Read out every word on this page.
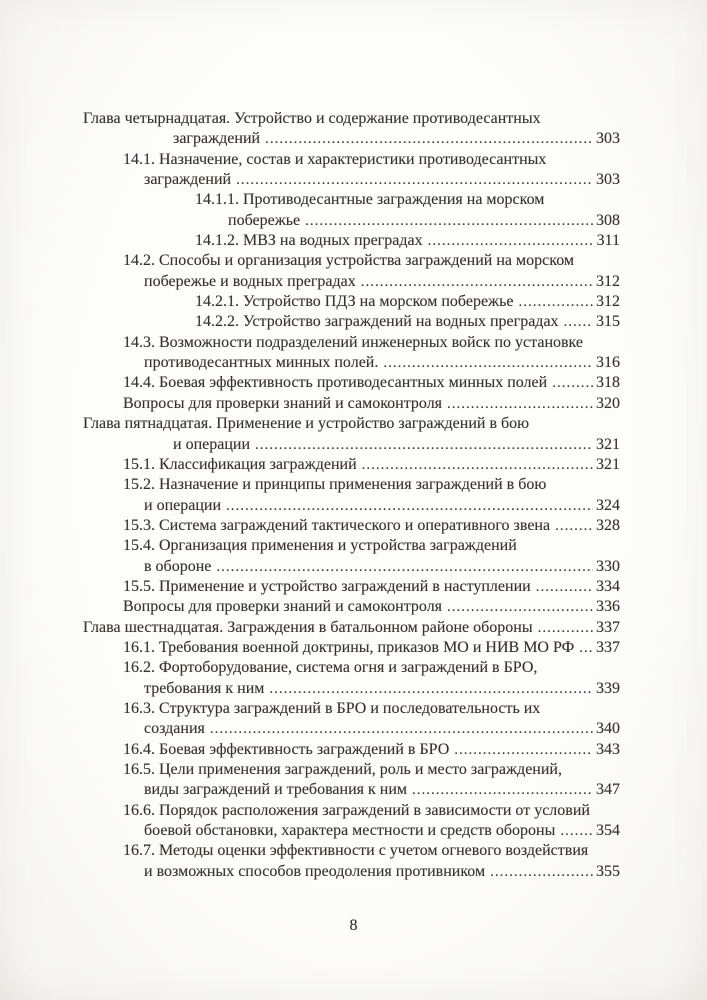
Глава четырнадцатая. Устройство и содержание противодесантных
заграждений .....	303
14.1. Назначение, состав и характеристики противодесантных
заграждений .....	303
14.1.1. Противодесантные заграждения на морском
побережье .....	308
14.1.2. МВЗ на водных преградах .....	311
14.2. Способы и организация устройства заграждений на морском
побережье и водных преградах .....	312
14.2.1. Устройство ПДЗ на морском побережье .....	312
14.2.2. Устройство заграждений на водных преградах ..... 315
14.3. Возможности подразделений инженерных войск по установке
противодесантных минных полей. .....	316
14.4. Боевая эффективность противодесантных минных полей .....	318
Вопросы для проверки знаний и самоконтроля .....	320
Глава пятнадцатая. Применение и устройство заграждений в бою
и операции .....	321
15.1. Классификация заграждений .....	321
15.2. Назначение и принципы применения заграждений в бою
и операции .....	324
15.3. Система заграждений тактического и оперативного звена .....	328
15.4. Организация применения и устройства заграждений
в обороне .....	330
15.5. Применение и устройство заграждений в наступлении .....	334
Вопросы для проверки знаний и самоконтроля .....	336
Глава шестнадцатая. Заграждения в батальонном районе обороны .....	337
16.1. Требования военной доктрины, приказов МО и НИВ МО РФ ..... 337
16.2. Фортоборудование, система огня и заграждений в БРО,
требования к ним .....	339
16.3. Структура заграждений в БРО и последовательность их
создания .....	340
16.4. Боевая эффективность заграждений в БРО .....	343
16.5. Цели применения заграждений, роль и место заграждений,
виды заграждений и требования к ним .....	347
16.6. Порядок расположения заграждений в зависимости от условий
боевой обстановки, характера местности и средств обороны .....	354
16.7. Методы оценки эффективности с учетом огневого воздействия
и возможных способов преодоления противником .....	355
8
